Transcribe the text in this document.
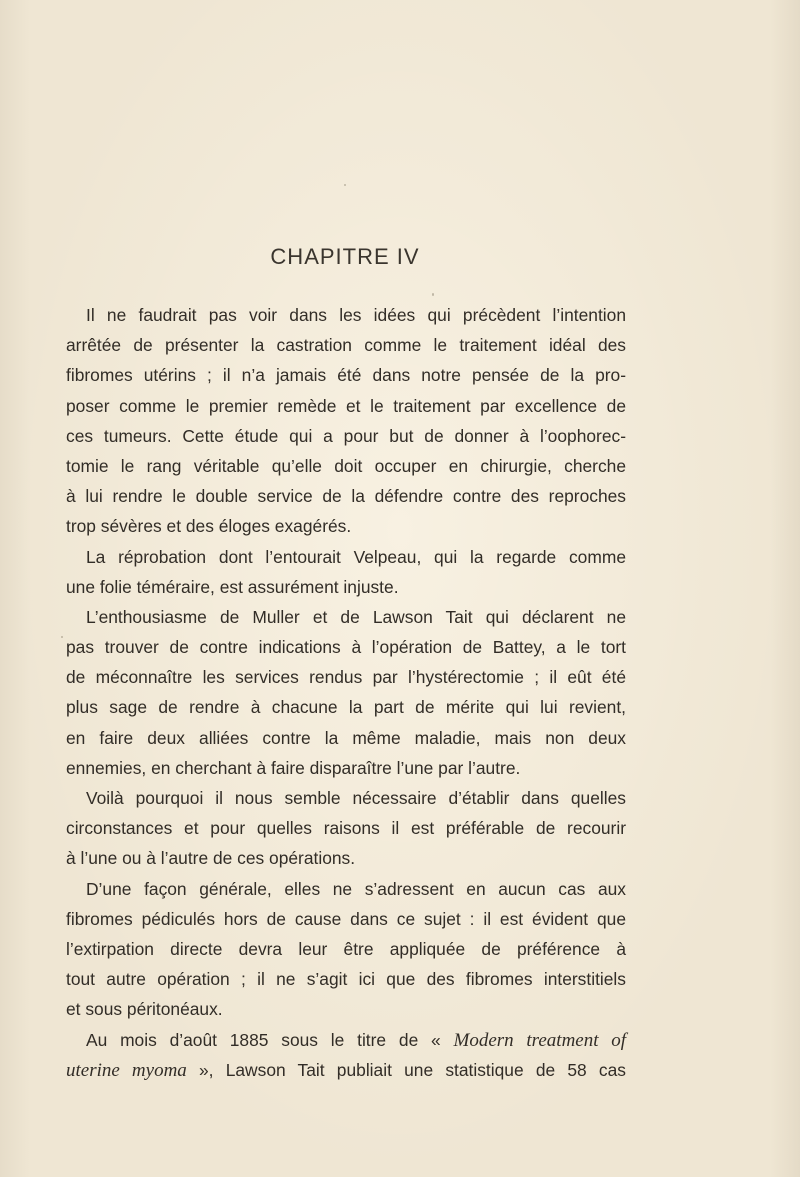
CHAPITRE IV
Il ne faudrait pas voir dans les idées qui précèdent l’intention
arrêtée de présenter la castration comme le traitement idéal des
fibromes utérins ; il n’a jamais été dans notre pensée de la pro-
poser comme le premier remède et le traitement par excellence de
ces tumeurs. Cette étude qui a pour but de donner à l’oophorec-
tomie le rang véritable qu’elle doit occuper en chirurgie, cherche
à lui rendre le double service de la défendre contre des reproches
trop sévères et des éloges exagérés.
La réprobation dont l’entourait Velpeau, qui la regarde comme
une folie téméraire, est assurément injuste.
L’enthousiasme de Muller et de Lawson Tait qui déclarent ne
pas trouver de contre indications à l’opération de Battey, a le tort
de méconnaître les services rendus par l’hystérectomie ; il eût été
plus sage de rendre à chacune la part de mérite qui lui revient,
en faire deux alliées contre la même maladie, mais non deux
ennemies, en cherchant à faire disparaître l’une par l’autre.
Voilà pourquoi il nous semble nécessaire d’établir dans quelles
circonstances et pour quelles raisons il est préférable de recourir
à l’une ou à l’autre de ces opérations.
D’une façon générale, elles ne s’adressent en aucun cas aux
fibromes pédiculés hors de cause dans ce sujet : il est évident que
l’extirpation directe devra leur être appliquée de préférence à
tout autre opération ; il ne s’agit ici que des fibromes interstitiels
et sous péritonéaux.
Au mois d’août 1885 sous le titre de « Modern treatment of
uterine myoma », Lawson Tait publiait une statistique de 58 cas
